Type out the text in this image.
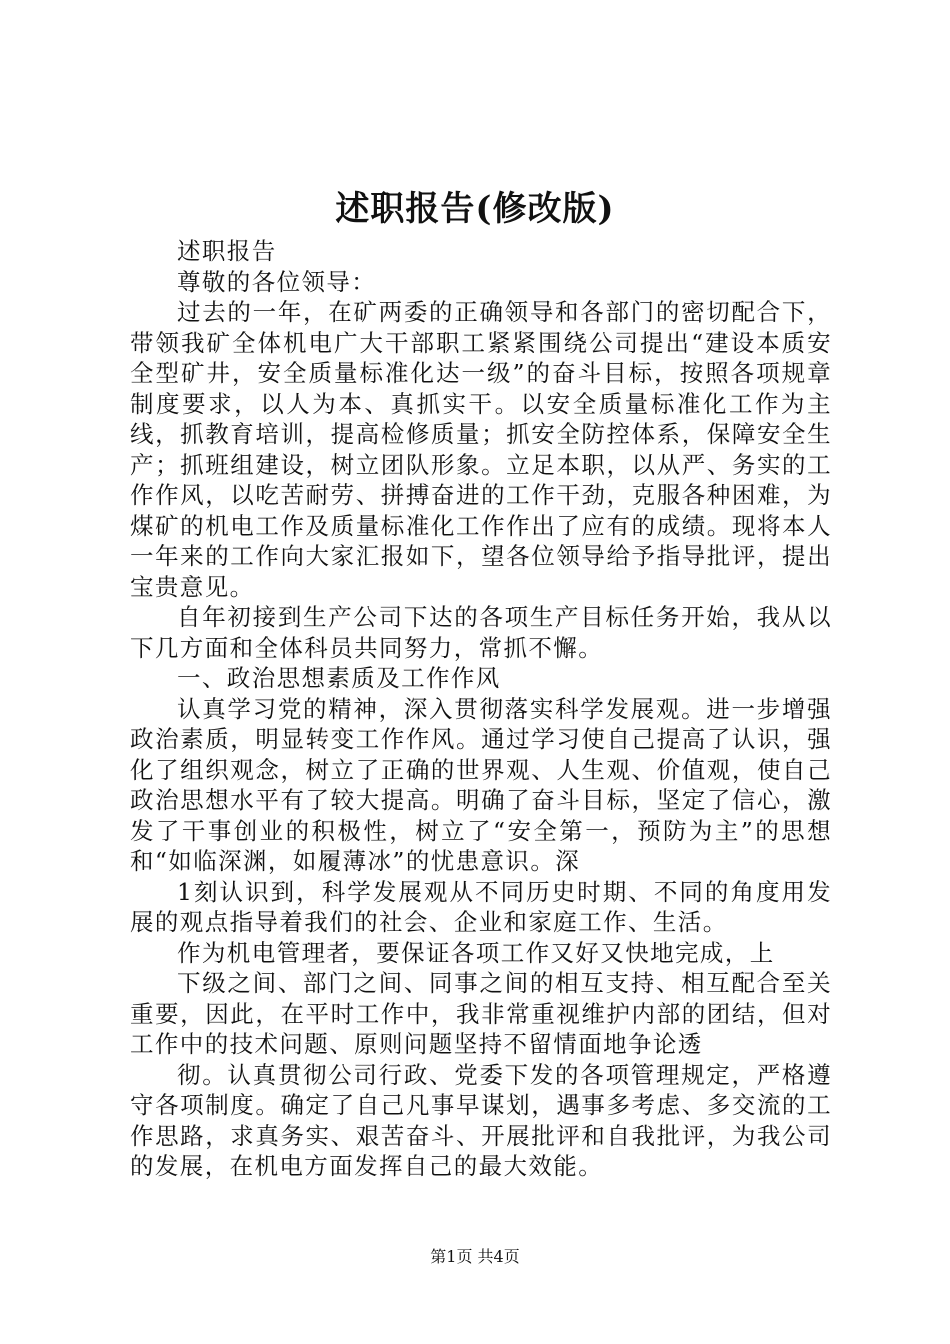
述职报告(修改版)

述职报告

尊敬的各位领导：

过去的一年，在矿两委的正确领导和各部门的密切配合下，带领我矿全体机电广大干部职工紧紧围绕公司提出“建设本质安全型矿井，安全质量标准化达一级”的奋斗目标，按照各项规章制度要求，以人为本、真抓实干。以安全质量标准化工作为主线，抓教育培训，提高检修质量；抓安全防控体系，保障安全生产；抓班组建设，树立团队形象。立足本职，以从严、务实的工作作风，以吃苦耐劳、拼搏奋进的工作干劲，克服各种困难，为煤矿的机电工作及质量标准化工作作出了应有的成绩。现将本人一年来的工作向大家汇报如下，望各位领导给予指导批评，提出宝贵意见。

自年初接到生产公司下达的各项生产目标任务开始，我从以下几方面和全体科员共同努力，常抓不懈。

一、政治思想素质及工作作风

认真学习党的精神，深入贯彻落实科学发展观。进一步增强政治素质，明显转变工作作风。通过学习使自己提高了认识，强化了组织观念，树立了正确的世界观、人生观、价值观，使自己政治思想水平有了较大提高。明确了奋斗目标，坚定了信心，激发了干事创业的积极性，树立了“安全第一，预防为主”的思想和“如临深渊，如履薄冰”的忧患意识。深

1刻认识到，科学发展观从不同历史时期、不同的角度用发展的观点指导着我们的社会、企业和家庭工作、生活。

作为机电管理者，要保证各项工作又好又快地完成，上

下级之间、部门之间、同事之间的相互支持、相互配合至关重要，因此，在平时工作中，我非常重视维护内部的团结，但对工作中的技术问题、原则问题坚持不留情面地争论透

彻。认真贯彻公司行政、党委下发的各项管理规定，严格遵守各项制度。确定了自己凡事早谋划，遇事多考虑、多交流的工作思路，求真务实、艰苦奋斗、开展批评和自我批评，为我公司的发展，在机电方面发挥自己的最大效能。

第1页 共4页
